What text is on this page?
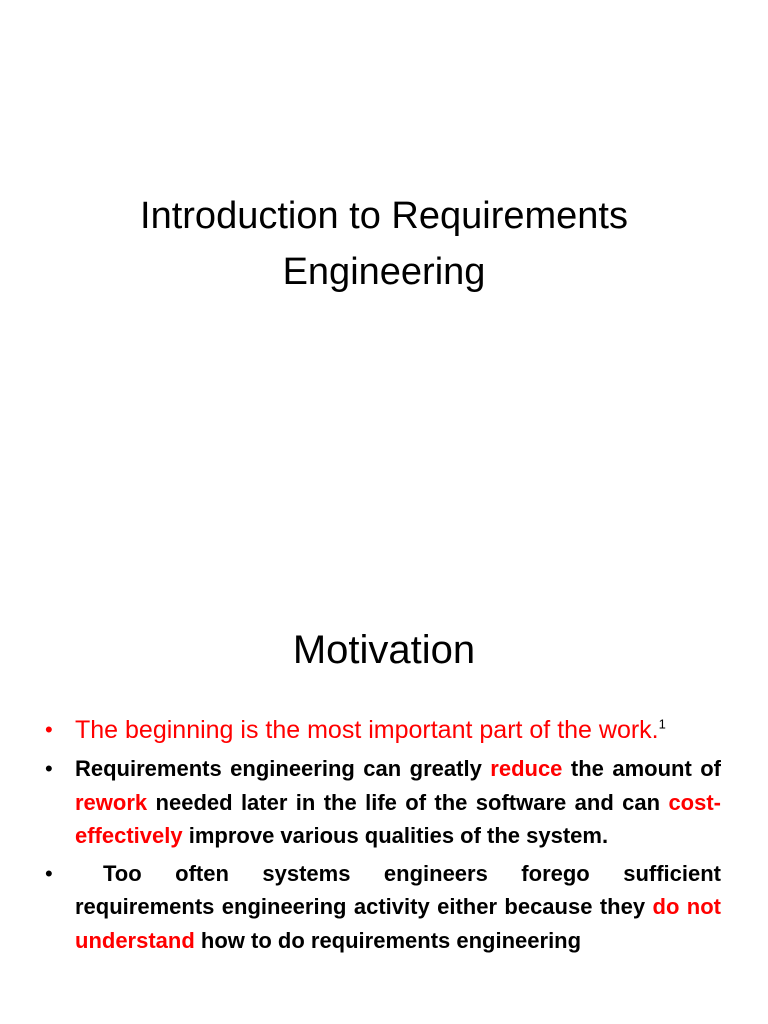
Introduction to Requirements
Engineering
Motivation
• The beginning is the most important part of the work.$^1$
• Requirements engineering can greatly reduce the amount of rework needed later in the life of the software and can cost-effectively improve various qualities of the system.
• Too often systems engineers forego sufficient requirements engineering activity either because they do not understand how to do requirements engineering
